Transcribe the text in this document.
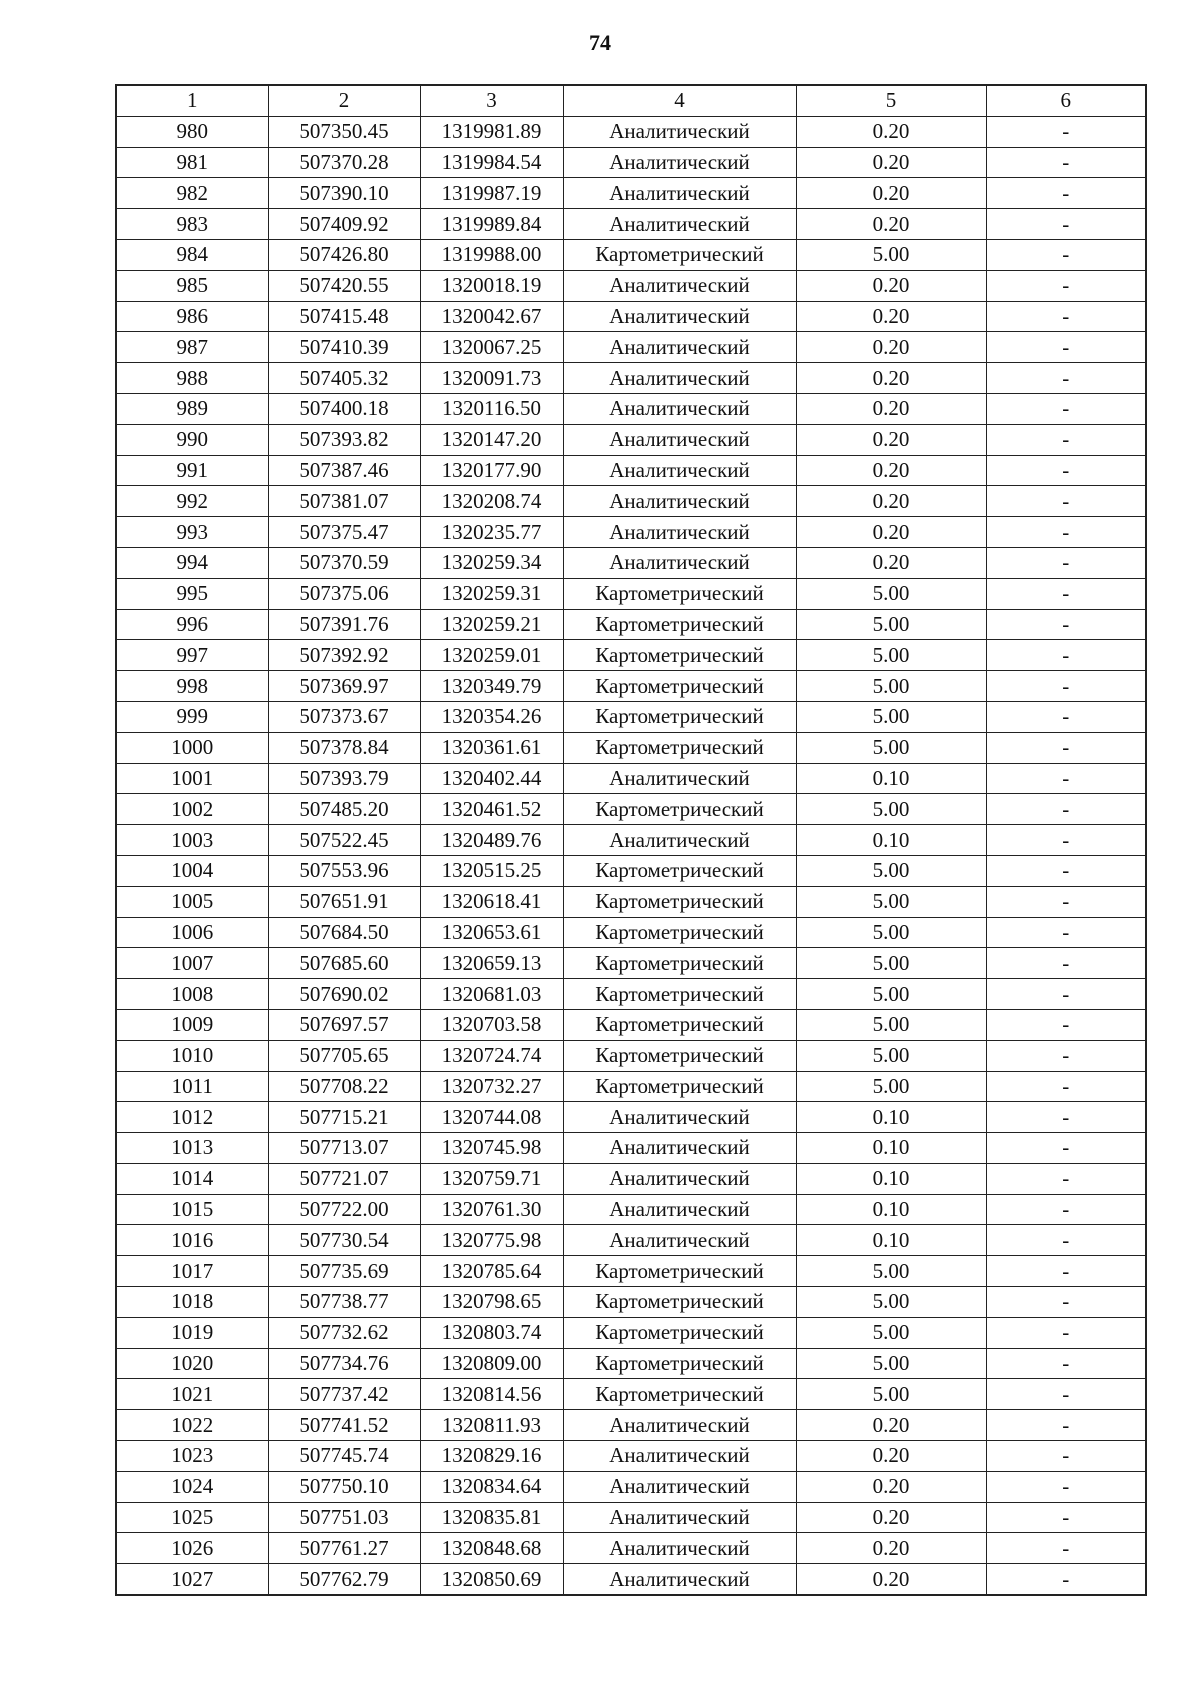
74
1	2	3	4	5	6
980	507350.45	1319981.89	Аналитический	0.20	-
981	507370.28	1319984.54	Аналитический	0.20	-
982	507390.10	1319987.19	Аналитический	0.20	-
983	507409.92	1319989.84	Аналитический	0.20	-
984	507426.80	1319988.00	Картометрический	5.00	-
985	507420.55	1320018.19	Аналитический	0.20	-
986	507415.48	1320042.67	Аналитический	0.20	-
987	507410.39	1320067.25	Аналитический	0.20	-
988	507405.32	1320091.73	Аналитический	0.20	-
989	507400.18	1320116.50	Аналитический	0.20	-
990	507393.82	1320147.20	Аналитический	0.20	-
991	507387.46	1320177.90	Аналитический	0.20	-
992	507381.07	1320208.74	Аналитический	0.20	-
993	507375.47	1320235.77	Аналитический	0.20	-
994	507370.59	1320259.34	Аналитический	0.20	-
995	507375.06	1320259.31	Картометрический	5.00	-
996	507391.76	1320259.21	Картометрический	5.00	-
997	507392.92	1320259.01	Картометрический	5.00	-
998	507369.97	1320349.79	Картометрический	5.00	-
999	507373.67	1320354.26	Картометрический	5.00	-
1000	507378.84	1320361.61	Картометрический	5.00	-
1001	507393.79	1320402.44	Аналитический	0.10	-
1002	507485.20	1320461.52	Картометрический	5.00	-
1003	507522.45	1320489.76	Аналитический	0.10	-
1004	507553.96	1320515.25	Картометрический	5.00	-
1005	507651.91	1320618.41	Картометрический	5.00	-
1006	507684.50	1320653.61	Картометрический	5.00	-
1007	507685.60	1320659.13	Картометрический	5.00	-
1008	507690.02	1320681.03	Картометрический	5.00	-
1009	507697.57	1320703.58	Картометрический	5.00	-
1010	507705.65	1320724.74	Картометрический	5.00	-
1011	507708.22	1320732.27	Картометрический	5.00	-
1012	507715.21	1320744.08	Аналитический	0.10	-
1013	507713.07	1320745.98	Аналитический	0.10	-
1014	507721.07	1320759.71	Аналитический	0.10	-
1015	507722.00	1320761.30	Аналитический	0.10	-
1016	507730.54	1320775.98	Аналитический	0.10	-
1017	507735.69	1320785.64	Картометрический	5.00	-
1018	507738.77	1320798.65	Картометрический	5.00	-
1019	507732.62	1320803.74	Картометрический	5.00	-
1020	507734.76	1320809.00	Картометрический	5.00	-
1021	507737.42	1320814.56	Картометрический	5.00	-
1022	507741.52	1320811.93	Аналитический	0.20	-
1023	507745.74	1320829.16	Аналитический	0.20	-
1024	507750.10	1320834.64	Аналитический	0.20	-
1025	507751.03	1320835.81	Аналитический	0.20	-
1026	507761.27	1320848.68	Аналитический	0.20	-
1027	507762.79	1320850.69	Аналитический	0.20	-
